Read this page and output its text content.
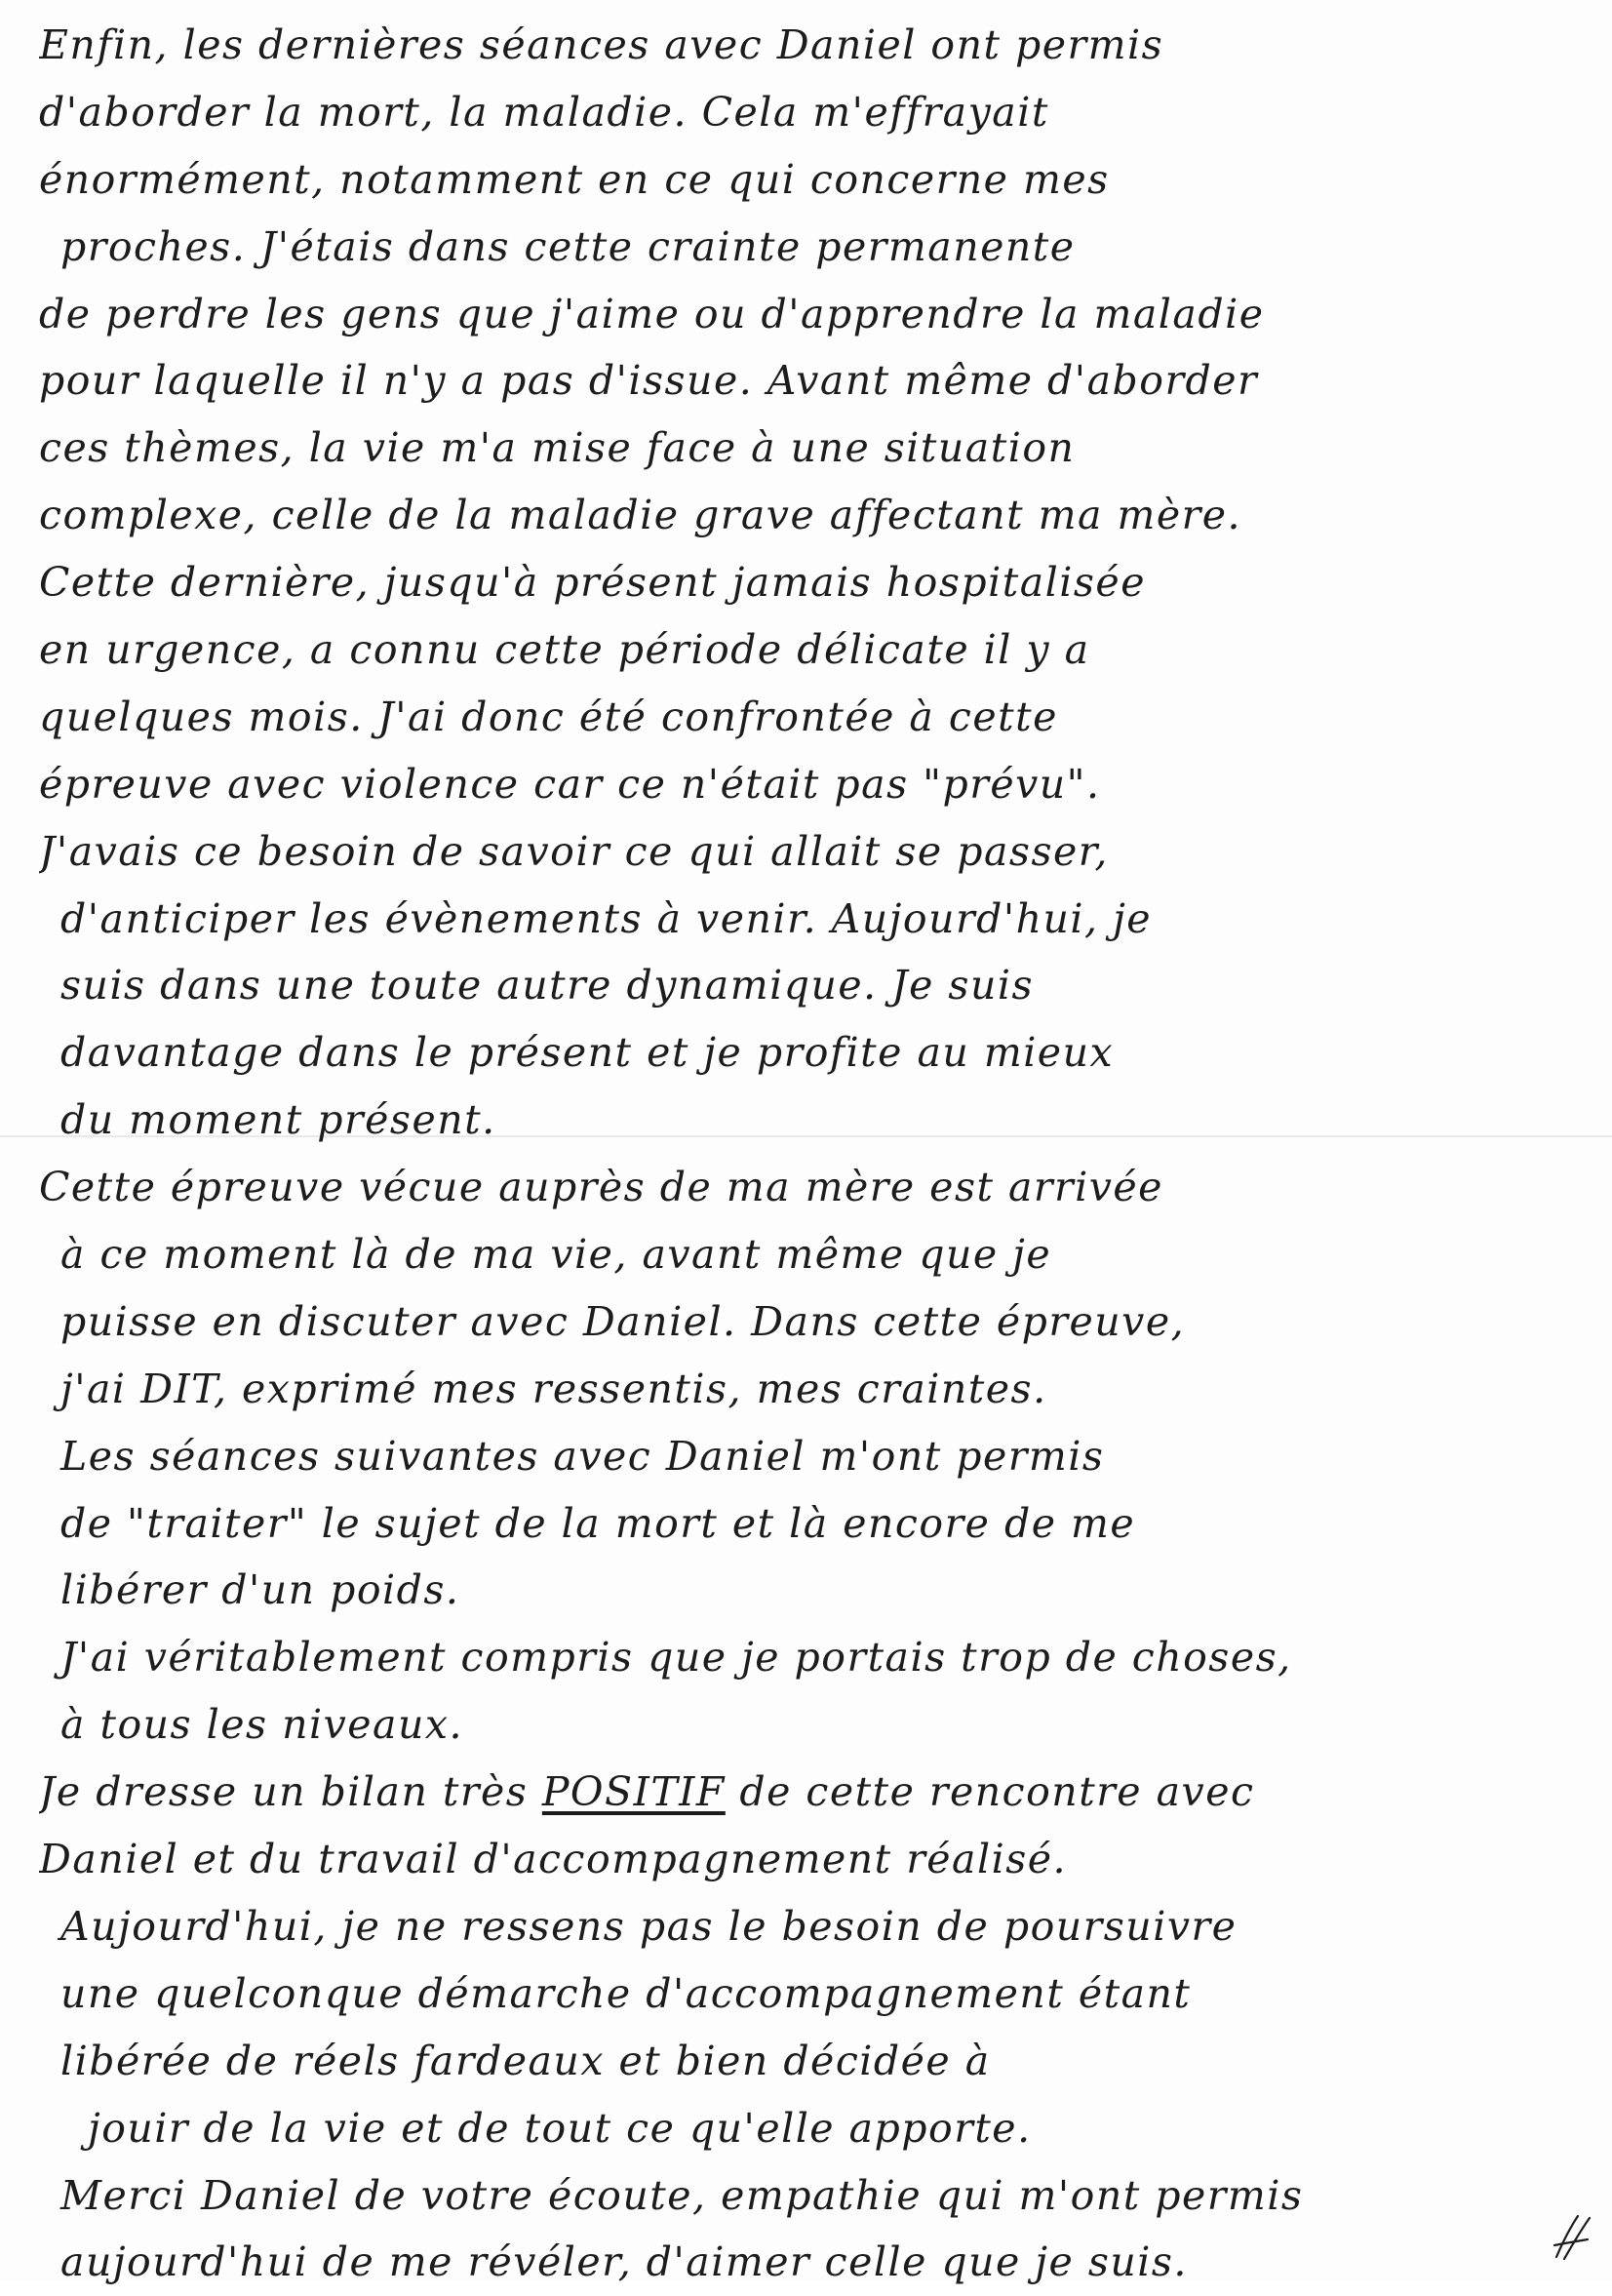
Enfin, les dernières séances avec Daniel ont permis
d'aborder la mort, la maladie. Cela m'effrayait
énormément, notamment en ce qui concerne mes
proches. J'étais dans cette crainte permanente
de perdre les gens que j'aime ou d'apprendre la maladie
pour laquelle il n'y a pas d'issue. Avant même d'aborder
ces thèmes, la vie m'a mise face à une situation
complexe, celle de la maladie grave affectant ma mère.
Cette dernière, jusqu'à présent jamais hospitalisée
en urgence, a connu cette période délicate il y a
quelques mois. J'ai donc été confrontée à cette
épreuve avec violence car ce n'était pas "prévu".
J'avais ce besoin de savoir ce qui allait se passer,
d'anticiper les évènements à venir. Aujourd'hui, je
suis dans une toute autre dynamique. Je suis
davantage dans le présent et je profite au mieux
du moment présent.
Cette épreuve vécue auprès de ma mère est arrivée
à ce moment là de ma vie, avant même que je
puisse en discuter avec Daniel. Dans cette épreuve,
j'ai DIT, exprimé mes ressentis, mes craintes.
Les séances suivantes avec Daniel m'ont permis
de "traiter" le sujet de la mort et là encore de me
libérer d'un poids.
J'ai véritablement compris que je portais trop de choses,
à tous les niveaux.
Je dresse un bilan très POSITIF de cette rencontre avec
Daniel et du travail d'accompagnement réalisé.
Aujourd'hui, je ne ressens pas le besoin de poursuivre
une quelconque démarche d'accompagnement étant
libérée de réels fardeaux et bien décidée à
jouir de la vie et de tout ce qu'elle apporte.
Merci Daniel de votre écoute, empathie qui m'ont permis
aujourd'hui de me révéler, d'aimer celle que je suis.
